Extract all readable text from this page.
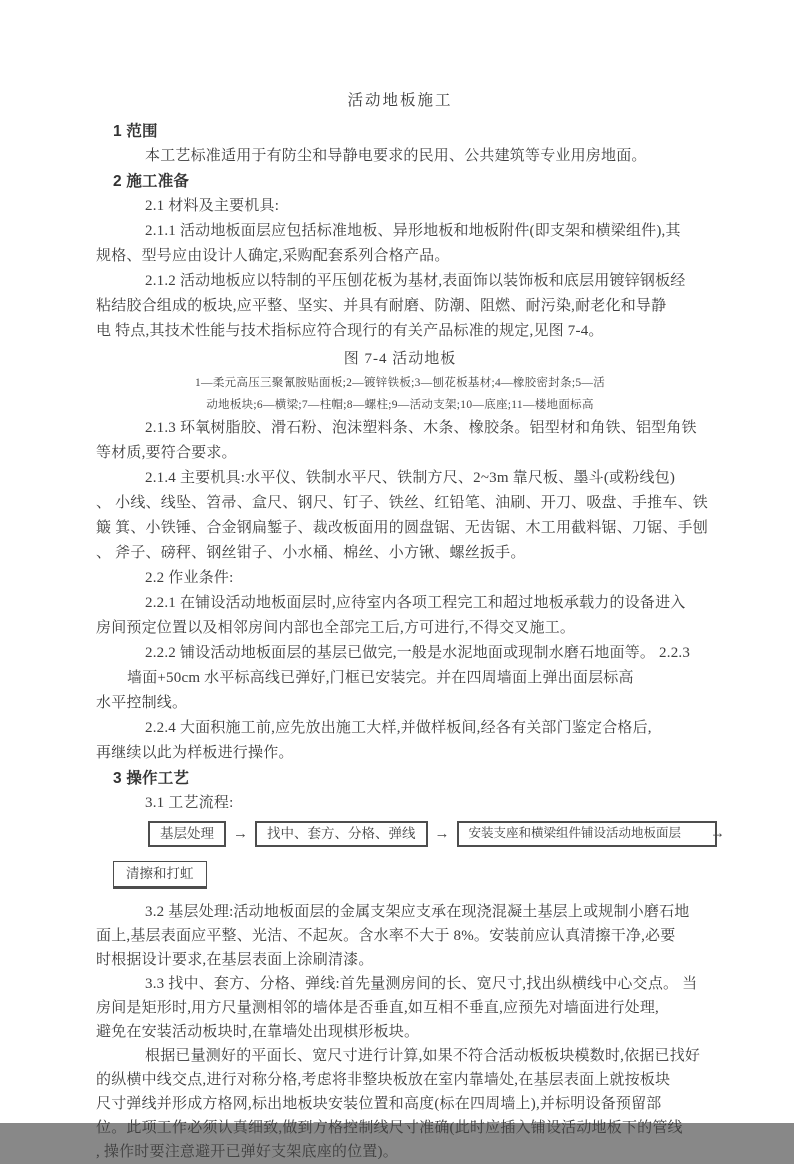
活动地板施工
1 范围
本工艺标准适用于有防尘和导静电要求的民用、公共建筑等专业用房地面。
2 施工准备
2.1 材料及主要机具:
2.1.1 活动地板面层应包括标准地板、异形地板和地板附件(即支架和横梁组件),其
规格、型号应由设计人确定,采购配套系列合格产品。
2.1.2 活动地板应以特制的平压刨花板为基材,表面饰以装饰板和底层用镀锌钢板经
粘结胶合组成的板块,应平整、坚实、并具有耐磨、防潮、阻燃、耐污染,耐老化和导静
电 特点,其技术性能与技术指标应符合现行的有关产品标准的规定,见图 7-4。
图 7-4 活动地板
1—柔元高压三聚氰胺贴面板;2—镀锌铁板;3—刨花板基材;4—橡胶密封条;5—活
动地板块;6—横梁;7—柱帽;8—螺柱;9—活动支架;10—底座;11—楼地面标高
2.1.3 环氧树脂胶、滑石粉、泡沫塑料条、木条、橡胶条。铝型材和角铁、铝型角铁
等材质,要符合要求。
2.1.4 主要机具:水平仪、铁制水平尺、铁制方尺、2~3m 靠尺板、墨斗(或粉线包)
、 小线、线坠、笤帚、盒尺、钢尺、钉子、铁丝、红铅笔、油刷、开刀、吸盘、手推车、铁
簸 箕、小铁锤、合金钢扁錾子、裁改板面用的圆盘锯、无齿锯、木工用截料锯、刀锯、手刨
、 斧子、磅秤、钢丝钳子、小水桶、棉丝、小方锹、螺丝扳手。
2.2 作业条件:
2.2.1 在铺设活动地板面层时,应待室内各项工程完工和超过地板承载力的设备进入
房间预定位置以及相邻房间内部也全部完工后,方可进行,不得交叉施工。
2.2.2 铺设活动地板面层的基层已做完,一般是水泥地面或现制水磨石地面等。 2.2.3
墙面+50cm 水平标高线已弹好,门框已安装完。并在四周墙面上弹出面层标高
水平控制线。
2.2.4 大面积施工前,应先放出施工大样,并做样板间,经各有关部门鉴定合格后,
再继续以此为样板进行操作。
3 操作工艺
3.1 工艺流程:
基层处理	→	找中、套方、分格、弹线	→	安装支座和横梁组件铺设活动地板面层 →
清擦和打虹
3.2 基层处理:活动地板面层的金属支架应支承在现浇混凝土基层上或规制小磨石地
面上,基层表面应平整、光洁、不起灰。含水率不大于 8%。安装前应认真清擦干净,必要
时根据设计要求,在基层表面上涂刷清漆。
3.3 找中、套方、分格、弹线:首先量测房间的长、宽尺寸,找出纵横线中心交点。 当
房间是矩形时,用方尺量测相邻的墙体是否垂直,如互相不垂直,应预先对墙面进行处理,
避免在安装活动板块时,在靠墙处出现棋形板块。
根据已量测好的平面长、宽尺寸进行计算,如果不符合活动板板块模数时,依据已找好
的纵横中线交点,进行对称分格,考虑将非整块板放在室内靠墙处,在基层表面上就按板块
尺寸弹线并形成方格网,标出地板块安装位置和高度(标在四周墙上),并标明设备预留部
位。此项工作必须认真细致,做到方格控制线尺寸准确(此时应插入铺设活动地板下的管线
, 操作时要注意避开已弹好支架底座的位置)。
